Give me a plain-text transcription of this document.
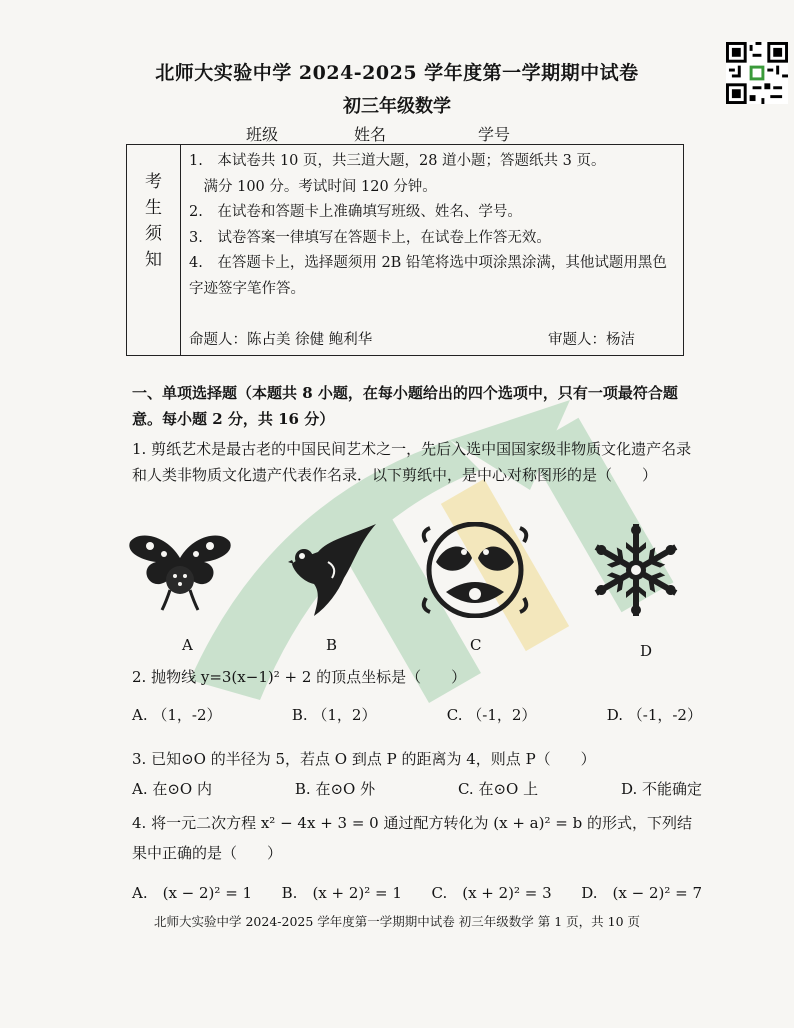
北师大实验中学 2024-2025 学年度第一学期期中试卷
初三年级数学
班级	姓名	学号
考
生
须
知
1.　本试卷共 10 页，共三道大题，28 道小题；答题纸共 3 页。
　满分 100 分。考试时间 120 分钟。
2.　在试卷和答题卡上准确填写班级、姓名、学号。
3.　试卷答案一律填写在答题卡上，在试卷上作答无效。
4.　在答题卡上，选择题须用 2B 铅笔将选中项涂黑涂满，其他试题用黑色字迹签字笔作答。
命题人：陈占美 徐健 鲍利华	审题人：杨洁
一、单项选择题（本题共 8 小题，在每小题给出的四个选项中，只有一项最符合题意。每小题 2 分，共 16 分）
1. 剪纸艺术是最古老的中国民间艺术之一，先后入选中国国家级非物质文化遗产名录和人类非物质文化遗产代表作名录．以下剪纸中，是中心对称图形的是（　　）
A	B	C	D
2. 抛物线 y=3(x−1)² + 2 的顶点坐标是（　　）
A. （1，-2）	B. （1，2）	C. （-1，2）	D. （-1，-2）
3. 已知⊙O 的半径为 5，若点 O 到点 P 的距离为 4，则点 P（　　）
A. 在⊙O 内	B. 在⊙O 外	C. 在⊙O 上	D. 不能确定
4. 将一元二次方程 x² − 4x + 3 = 0 通过配方转化为 (x + a)² = b 的形式，下列结果中正确的是（　　）
A.　(x − 2)² = 1 B.　(x + 2)² = 1 C.　(x + 2)² = 3 D.　(x − 2)² = 7
北师大实验中学 2024-2025 学年度第一学期期中试卷 初三年级数学 第 1 页，共 10 页
